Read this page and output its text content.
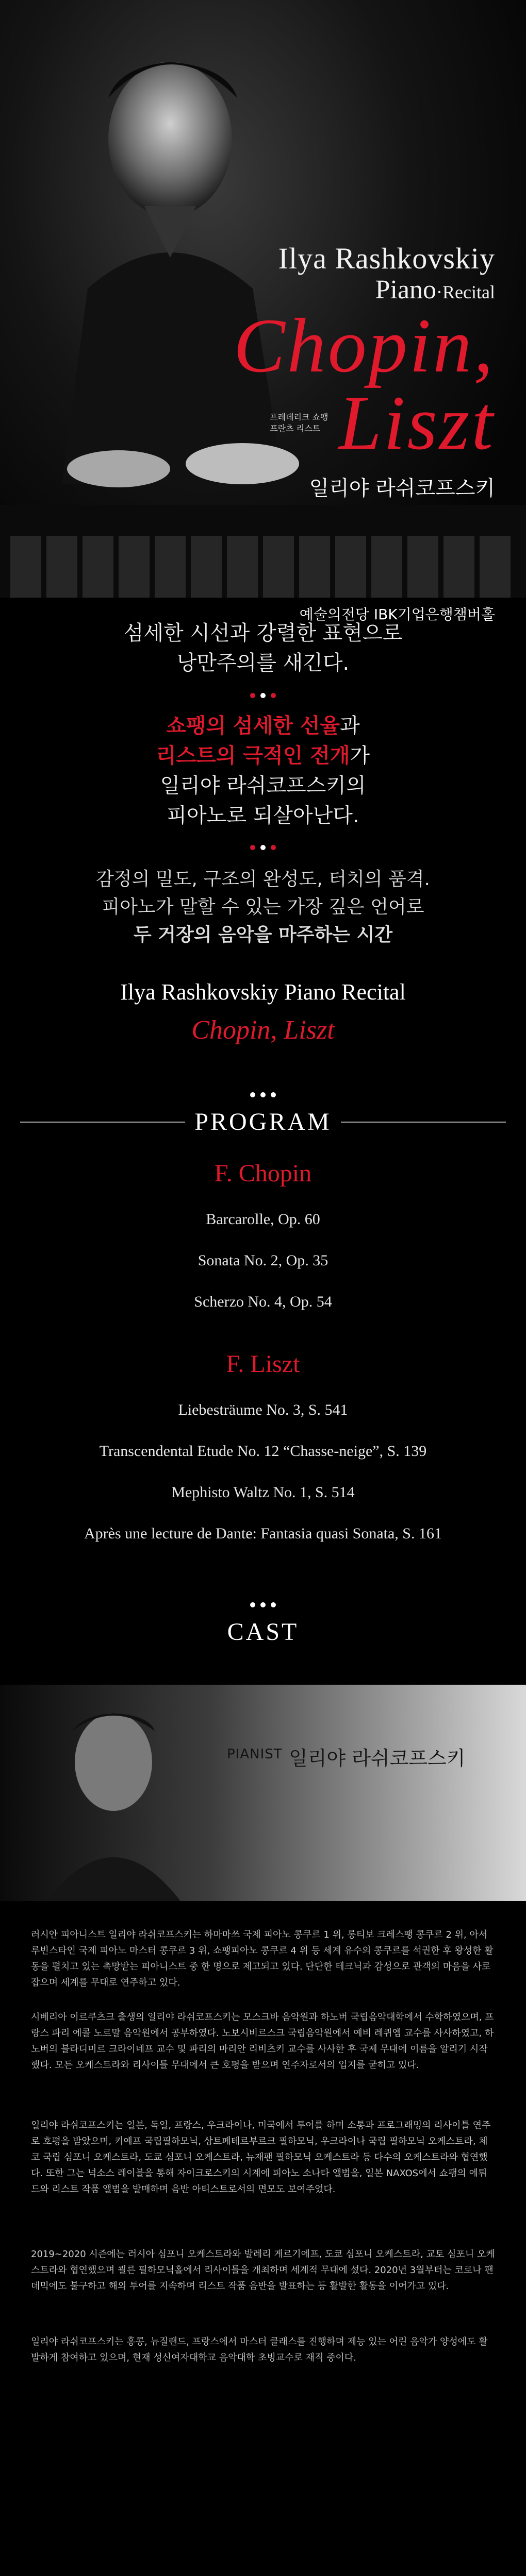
Ilya Rashkovskiy
Piano·Recital
Chopin,
프레데리크 쇼팽
프란츠 리스트 Liszt
일리야 라쉬코프스키
예술의전당 IBK기업은행챔버홀

섬세한 시선과 강렬한 표현으로

낭만주의를 새긴다.

쇼팽의 섬세한 선율과

리스트의 극적인 전개가

일리야 라쉬코프스키의

피아노로 되살아난다.

감정의 밀도, 구조의 완성도, 터치의 품격.

피아노가 말할 수 있는 가장 깊은 언어로

두 거장의 음악을 마주하는 시간

Ilya Rashkovskiy Piano Recital
Chopin, Liszt
PROGRAM
F. Chopin
Barcarolle, Op. 60
Sonata No. 2, Op. 35
Scherzo No. 4, Op. 54
F. Liszt
Liebesträume No. 3, S. 541
Transcendental Etude No. 12 “Chasse-neige”, S. 139
Mephisto Waltz No. 1, S. 514
Après une lecture de Dante: Fantasia quasi Sonata, S. 161
CAST
PIANIST 일리야 라쉬코프스키

러시안 피아니스트 일리야 라쉬코프스키는 하마마쓰 국제 피아노 콩쿠르 1 위, 롱티보 크레스팽 콩쿠르 2 위, 아서 루빈스타인 국제 피아노 마스터 콩쿠르 3 위, 쇼팽피아노 콩쿠르 4 위 등 세계 유수의 콩쿠르를 석권한 후 왕성한 활동을 펼치고 있는 촉망받는 피아니스트 중 한 명으로 제고되고 있다. 단단한 테크닉과 감성으로 관객의 마음을 사로잡으며 세계를 무대로 연주하고 있다.

시베리아 이르쿠츠크 출생의 일리야 라쉬코프스키는 모스크바 음악원과 하노버 국립음악대학에서 수학하였으며, 프랑스 파리 에콜 노르말 음악원에서 공부하였다. 노보시비르스크 국립음악원에서 예비 레퀴엠 교수를 사사하였고, 하노버의 블라디미르 크라이네프 교수 및 파리의 마리안 리비츠키 교수를 사사한 후 국제 무대에 이름을 알리기 시작했다. 모든 오케스트라와 리사이틀 무대에서 큰 호평을 받으며 연주자로서의 입지를 굳히고 있다.

일리야 라쉬코프스키는 일본, 독일, 프랑스, 우크라이나, 미국에서 투어를 하며 소통과 프로그래밍의 리사이틀 연주로 호평을 받았으며, 키예프 국립필하모닉, 상트페테르부르크 필하모닉, 우크라이나 국립 필하모닉 오케스트라, 체코 국립 심포니 오케스트라, 도쿄 심포니 오케스트라, 뉴재팬 필하모닉 오케스트라 등 다수의 오케스트라와 협연했다. 또한 그는 넉소스 레이블을 통해 자이크로스키의 시계에 피아노 소나타 앨범을, 일본 NAXOS에서 쇼팽의 에튀드와 리스트 작품 앨범을 발매하며 음반 아티스트로서의 면모도 보여주었다.

2019~2020 시즌에는 러시아 심포니 오케스트라와 발레리 게르기에프, 도쿄 심포니 오케스트라, 교토 심포니 오케스트라와 협연했으며 쾰른 필하모닉홀에서 리사이틀을 개최하며 세계적 무대에 섰다. 2020년 3월부터는 코로나 팬데믹에도 불구하고 해외 투어를 지속하며 리스트 작품 음반을 발표하는 등 활발한 활동을 이어가고 있다.

일리야 라쉬코프스키는 홍콩, 뉴질랜드, 프랑스에서 마스터 클래스를 진행하며 제능 있는 어린 음악가 양성에도 활발하게 참여하고 있으며, 현재 성신여자대학교 음악대학 초빙교수로 재직 중이다.
